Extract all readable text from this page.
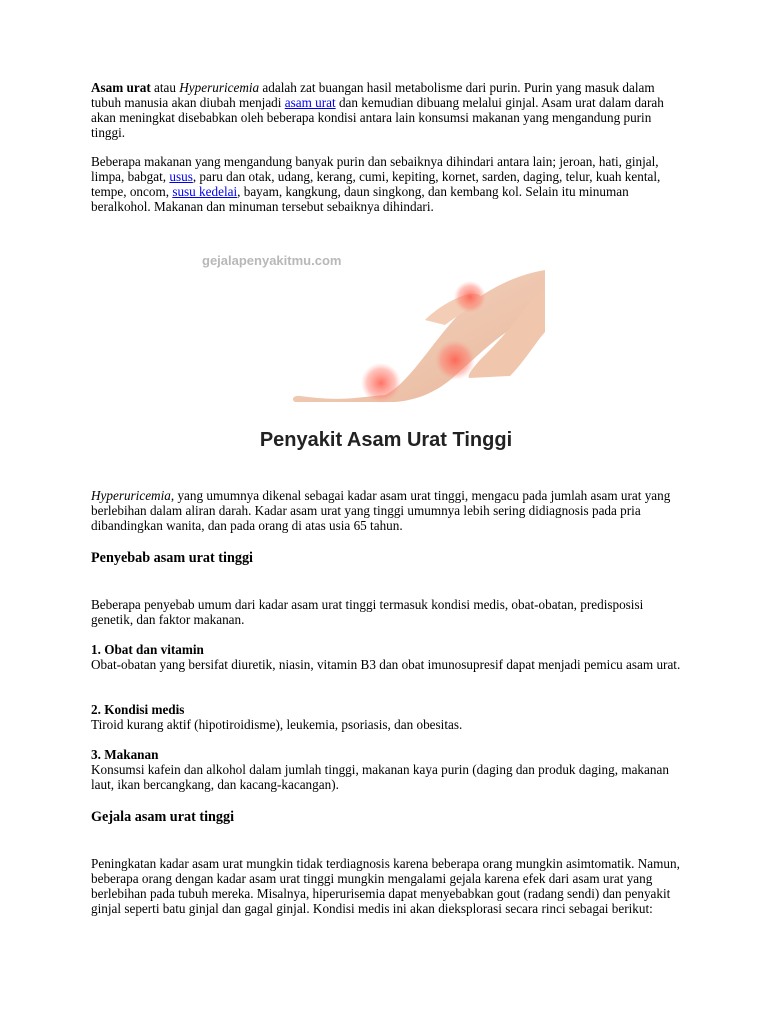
Asam urat atau Hyperuricemia adalah zat buangan hasil metabolisme dari purin. Purin yang masuk dalam tubuh manusia akan diubah menjadi asam urat dan kemudian dibuang melalui ginjal. Asam urat dalam darah akan meningkat disebabkan oleh beberapa kondisi antara lain konsumsi makanan yang mengandung purin tinggi.

Beberapa makanan yang mengandung banyak purin dan sebaiknya dihindari antara lain; jeroan, hati, ginjal, limpa, babgat, usus, paru dan otak, udang, kerang, cumi, kepiting, kornet, sarden, daging, telur, kuah kental, tempe, oncom, susu kedelai, bayam, kangkung, daun singkong, dan kembang kol. Selain itu minuman beralkohol. Makanan dan minuman tersebut sebaiknya dihindari.

gejalapenyakitmu.com
Penyakit Asam Urat Tinggi

Hyperuricemia, yang umumnya dikenal sebagai kadar asam urat tinggi, mengacu pada jumlah asam urat yang berlebihan dalam aliran darah. Kadar asam urat yang tinggi umumnya lebih sering didiagnosis pada pria dibandingkan wanita, dan pada orang di atas usia 65 tahun.

Penyebab asam urat tinggi

Beberapa penyebab umum dari kadar asam urat tinggi termasuk kondisi medis, obat-obatan, predisposisi genetik, dan faktor makanan.

1. Obat dan vitamin

Obat-obatan yang bersifat diuretik, niasin, vitamin B3 dan obat imunosupresif dapat menjadi pemicu asam urat.

2. Kondisi medis

Tiroid kurang aktif (hipotiroidisme), leukemia, psoriasis, dan obesitas.

3. Makanan

Konsumsi kafein dan alkohol dalam jumlah tinggi, makanan kaya purin (daging dan produk daging, makanan laut, ikan bercangkang, dan kacang-kacangan).

Gejala asam urat tinggi

Peningkatan kadar asam urat mungkin tidak terdiagnosis karena beberapa orang mungkin asimtomatik. Namun, beberapa orang dengan kadar asam urat tinggi mungkin mengalami gejala karena efek dari asam urat yang berlebihan pada tubuh mereka. Misalnya, hiperurisemia dapat menyebabkan gout (radang sendi) dan penyakit ginjal seperti batu ginjal dan gagal ginjal. Kondisi medis ini akan dieksplorasi secara rinci sebagai berikut:
